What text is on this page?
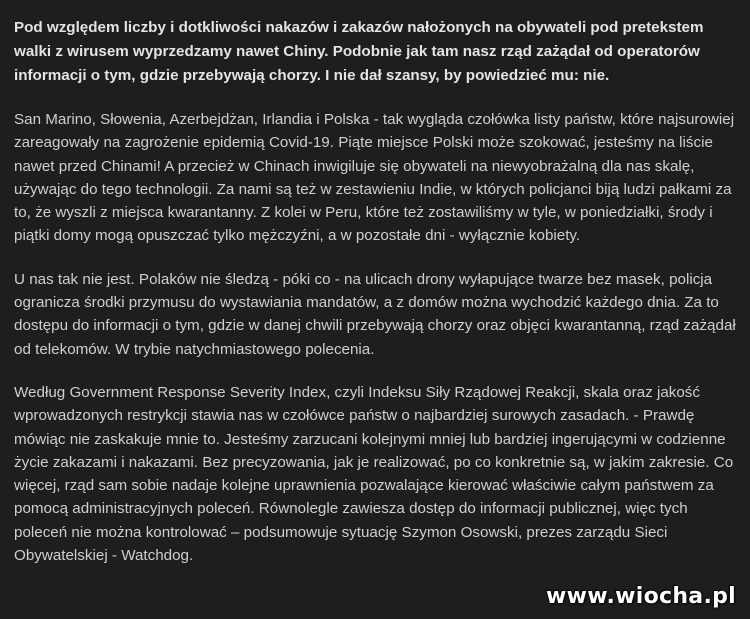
Pod względem liczby i dotkliwości nakazów i zakazów nałożonych na obywateli pod pretekstem walki z wirusem wyprzedzamy nawet Chiny. Podobnie jak tam nasz rząd zażądał od operatorów informacji o tym, gdzie przebywają chorzy. I nie dał szansy, by powiedzieć mu: nie.

San Marino, Słowenia, Azerbejdżan, Irlandia i Polska - tak wygląda czołówka listy państw, które najsurowiej zareagowały na zagrożenie epidemią Covid-19. Piąte miejsce Polski może szokować, jesteśmy na liście nawet przed Chinami! A przecież w Chinach inwigiluje się obywateli na niewyobrażalną dla nas skalę, używając do tego technologii. Za nami są też w zestawieniu Indie, w których policjanci biją ludzi pałkami za to, że wyszli z miejsca kwarantanny. Z kolei w Peru, które też zostawiliśmy w tyle, w poniedziałki, środy i piątki domy mogą opuszczać tylko mężczyźni, a w pozostałe dni - wyłącznie kobiety.

U nas tak nie jest. Polaków nie śledzą - póki co - na ulicach drony wyłapujące twarze bez masek, policja ogranicza środki przymusu do wystawiania mandatów, a z domów można wychodzić każdego dnia. Za to dostępu do informacji o tym, gdzie w danej chwili przebywają chorzy oraz objęci kwarantanną, rząd zażądał od telekomów. W trybie natychmiastowego polecenia.

Według Government Response Severity Index, czyli Indeksu Siły Rządowej Reakcji, skala oraz jakość wprowadzonych restrykcji stawia nas w czołówce państw o najbardziej surowych zasadach. - Prawdę mówiąc nie zaskakuje mnie to. Jesteśmy zarzucani kolejnymi mniej lub bardziej ingerującymi w codzienne życie zakazami i nakazami. Bez precyzowania, jak je realizować, po co konkretnie są, w jakim zakresie. Co więcej, rząd sam sobie nadaje kolejne uprawnienia pozwalające kierować właściwie całym państwem za pomocą administracyjnych poleceń. Równolegle zawiesza dostęp do informacji publicznej, więc tych poleceń nie można kontrolować – podsumowuje sytuację Szymon Osowski, prezes zarządu Sieci Obywatelskiej - Watchdog.

www.wiocha.pl
